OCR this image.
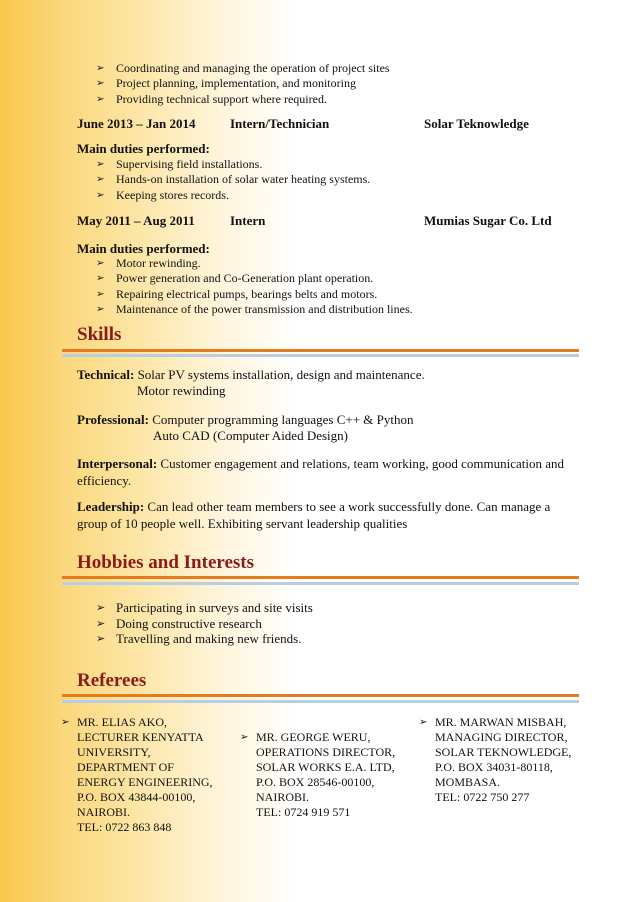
➢ Coordinating and managing the operation of project sites
➢ Project planning, implementation, and monitoring
➢ Providing technical support where required.
June 2013 – Jan 2014	Intern/Technician	Solar Teknowledge
Main duties performed:
➢ Supervising field installations.
➢ Hands-on installation of solar water heating systems.
➢ Keeping stores records.
May 2011 – Aug 2011	Intern	Mumias Sugar Co. Ltd
Main duties performed:
➢ Motor rewinding.
➢ Power generation and Co-Generation plant operation.
➢ Repairing electrical pumps, bearings belts and motors.
➢ Maintenance of the power transmission and distribution lines.
Skills
Technical: Solar PV systems installation, design and maintenance.
Motor rewinding
Professional: Computer programming languages C++ & Python
Auto CAD (Computer Aided Design)
Interpersonal: Customer engagement and relations, team working, good communication and efficiency.
Leadership: Can lead other team members to see a work successfully done. Can manage a group of 10 people well. Exhibiting servant leadership qualities
Hobbies and Interests
➢ Participating in surveys and site visits
➢ Doing constructive research
➢ Travelling and making new friends.
Referees
➢ MR. ELIAS AKO,
LECTURER KENYATTA
UNIVERSITY,
DEPARTMENT OF
ENERGY ENGINEERING,
P.O. BOX 43844-00100,
NAIROBI.
TEL: 0722 863 848
➢ MR. GEORGE WERU,
OPERATIONS DIRECTOR,
SOLAR WORKS E.A. LTD,
P.O. BOX 28546-00100,
NAIROBI.
TEL: 0724 919 571
➢ MR. MARWAN MISBAH,
MANAGING DIRECTOR,
SOLAR TEKNOWLEDGE,
P.O. BOX 34031-80118,
MOMBASA.
TEL: 0722 750 277
